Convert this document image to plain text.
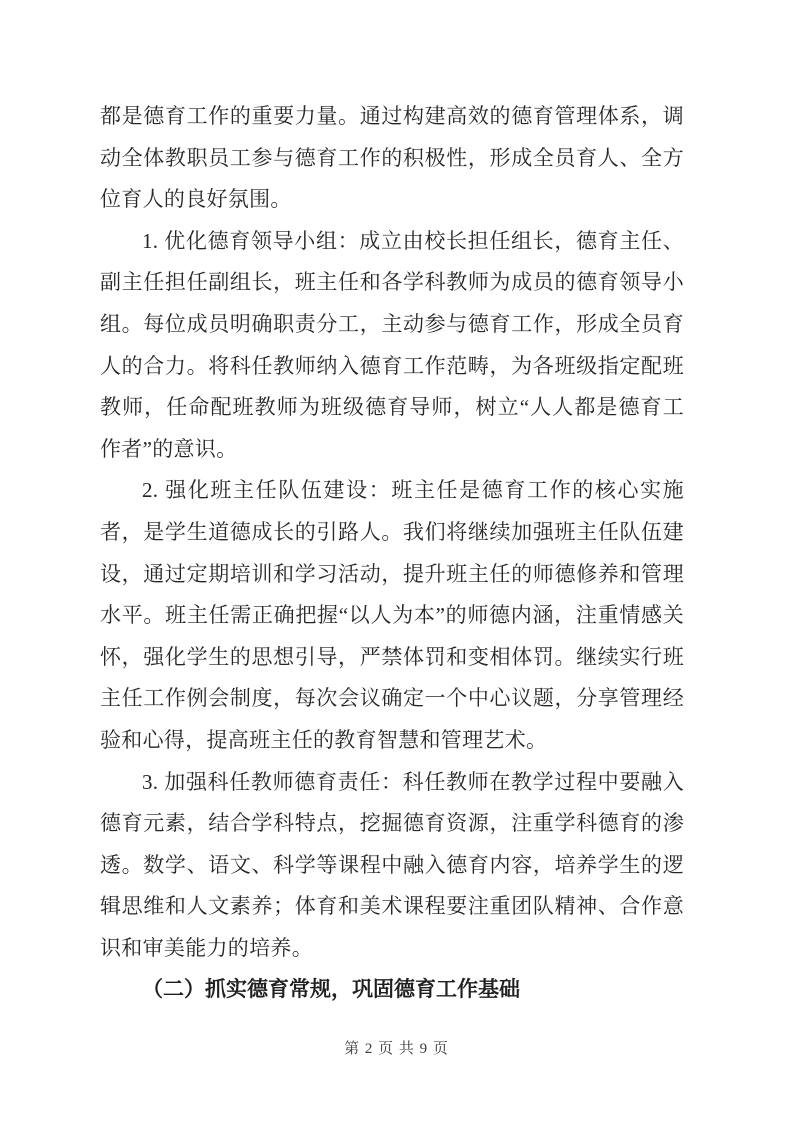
都是德育工作的重要力量。通过构建高效的德育管理体系，调动全体教职员工参与德育工作的积极性，形成全员育人、全方位育人的良好氛围。

1. 优化德育领导小组：成立由校长担任组长，德育主任、副主任担任副组长，班主任和各学科教师为成员的德育领导小组。每位成员明确职责分工，主动参与德育工作，形成全员育人的合力。将科任教师纳入德育工作范畴，为各班级指定配班教师，任命配班教师为班级德育导师，树立“人人都是德育工作者”的意识。

2. 强化班主任队伍建设：班主任是德育工作的核心实施者，是学生道德成长的引路人。我们将继续加强班主任队伍建设，通过定期培训和学习活动，提升班主任的师德修养和管理水平。班主任需正确把握“以人为本”的师德内涵，注重情感关怀，强化学生的思想引导，严禁体罚和变相体罚。继续实行班主任工作例会制度，每次会议确定一个中心议题，分享管理经验和心得，提高班主任的教育智慧和管理艺术。

3. 加强科任教师德育责任：科任教师在教学过程中要融入德育元素，结合学科特点，挖掘德育资源，注重学科德育的渗透。数学、语文、科学等课程中融入德育内容，培养学生的逻辑思维和人文素养；体育和美术课程要注重团队精神、合作意识和审美能力的培养。

（二）抓实德育常规，巩固德育工作基础
第 2 页 共 9 页
